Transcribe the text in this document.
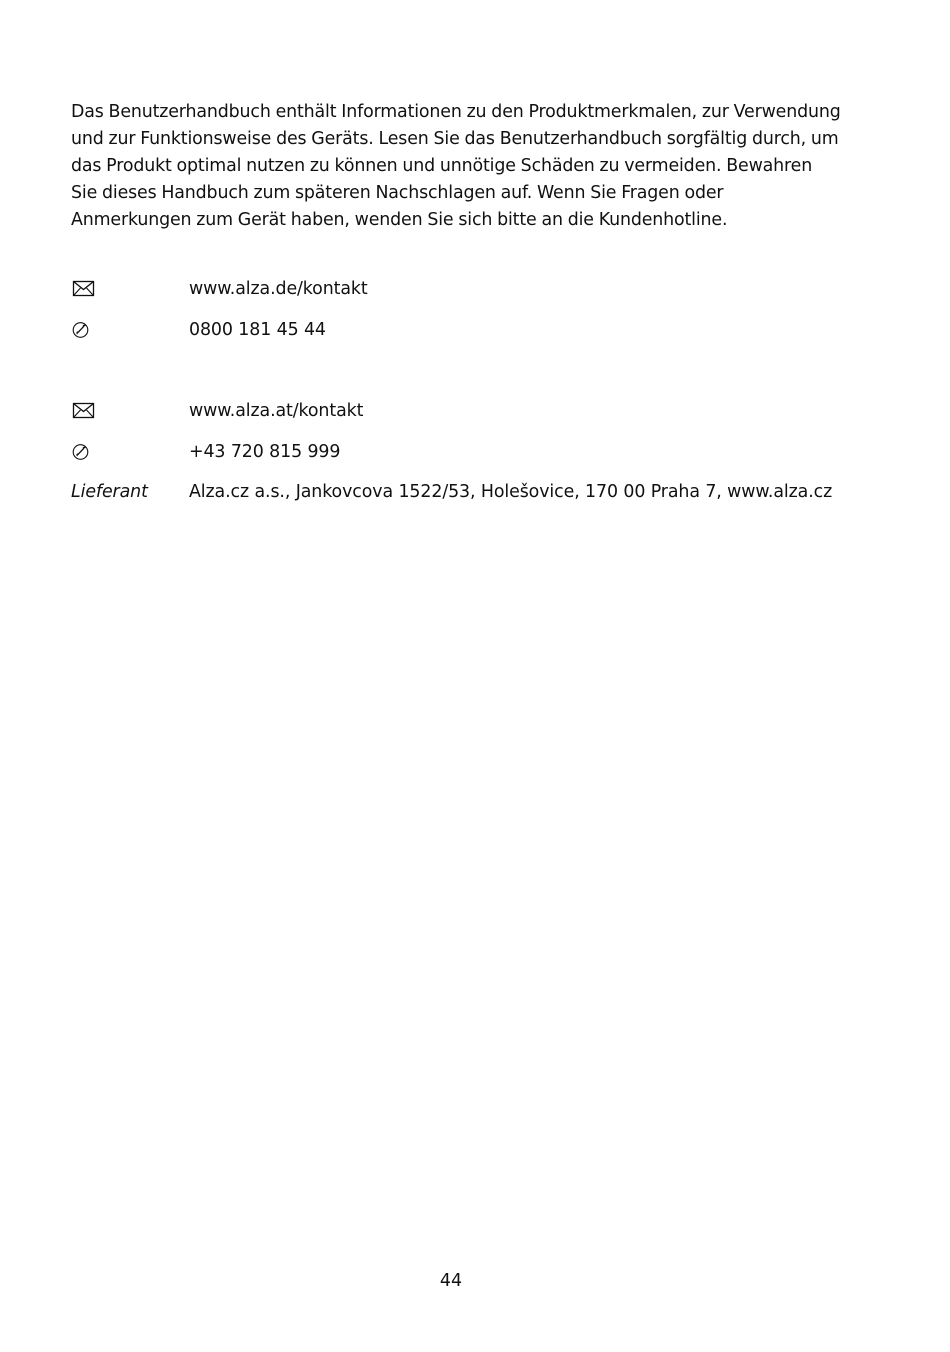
Das Benutzerhandbuch enthält Informationen zu den Produktmerkmalen, zur Verwendung und zur Funktionsweise des Geräts. Lesen Sie das Benutzerhandbuch sorgfältig durch, um das Produkt optimal nutzen zu können und unnötige Schäden zu vermeiden. Bewahren Sie dieses Handbuch zum späteren Nachschlagen auf. Wenn Sie Fragen oder Anmerkungen zum Gerät haben, wenden Sie sich bitte an die Kundenhotline.

www.alza.de/kontakt
0800 181 45 44
www.alza.at/kontakt
+43 720 815 999
Lieferant	Alza.cz a.s., Jankovcova 1522/53, Holešovice, 170 00 Praha 7, www.alza.cz
44
